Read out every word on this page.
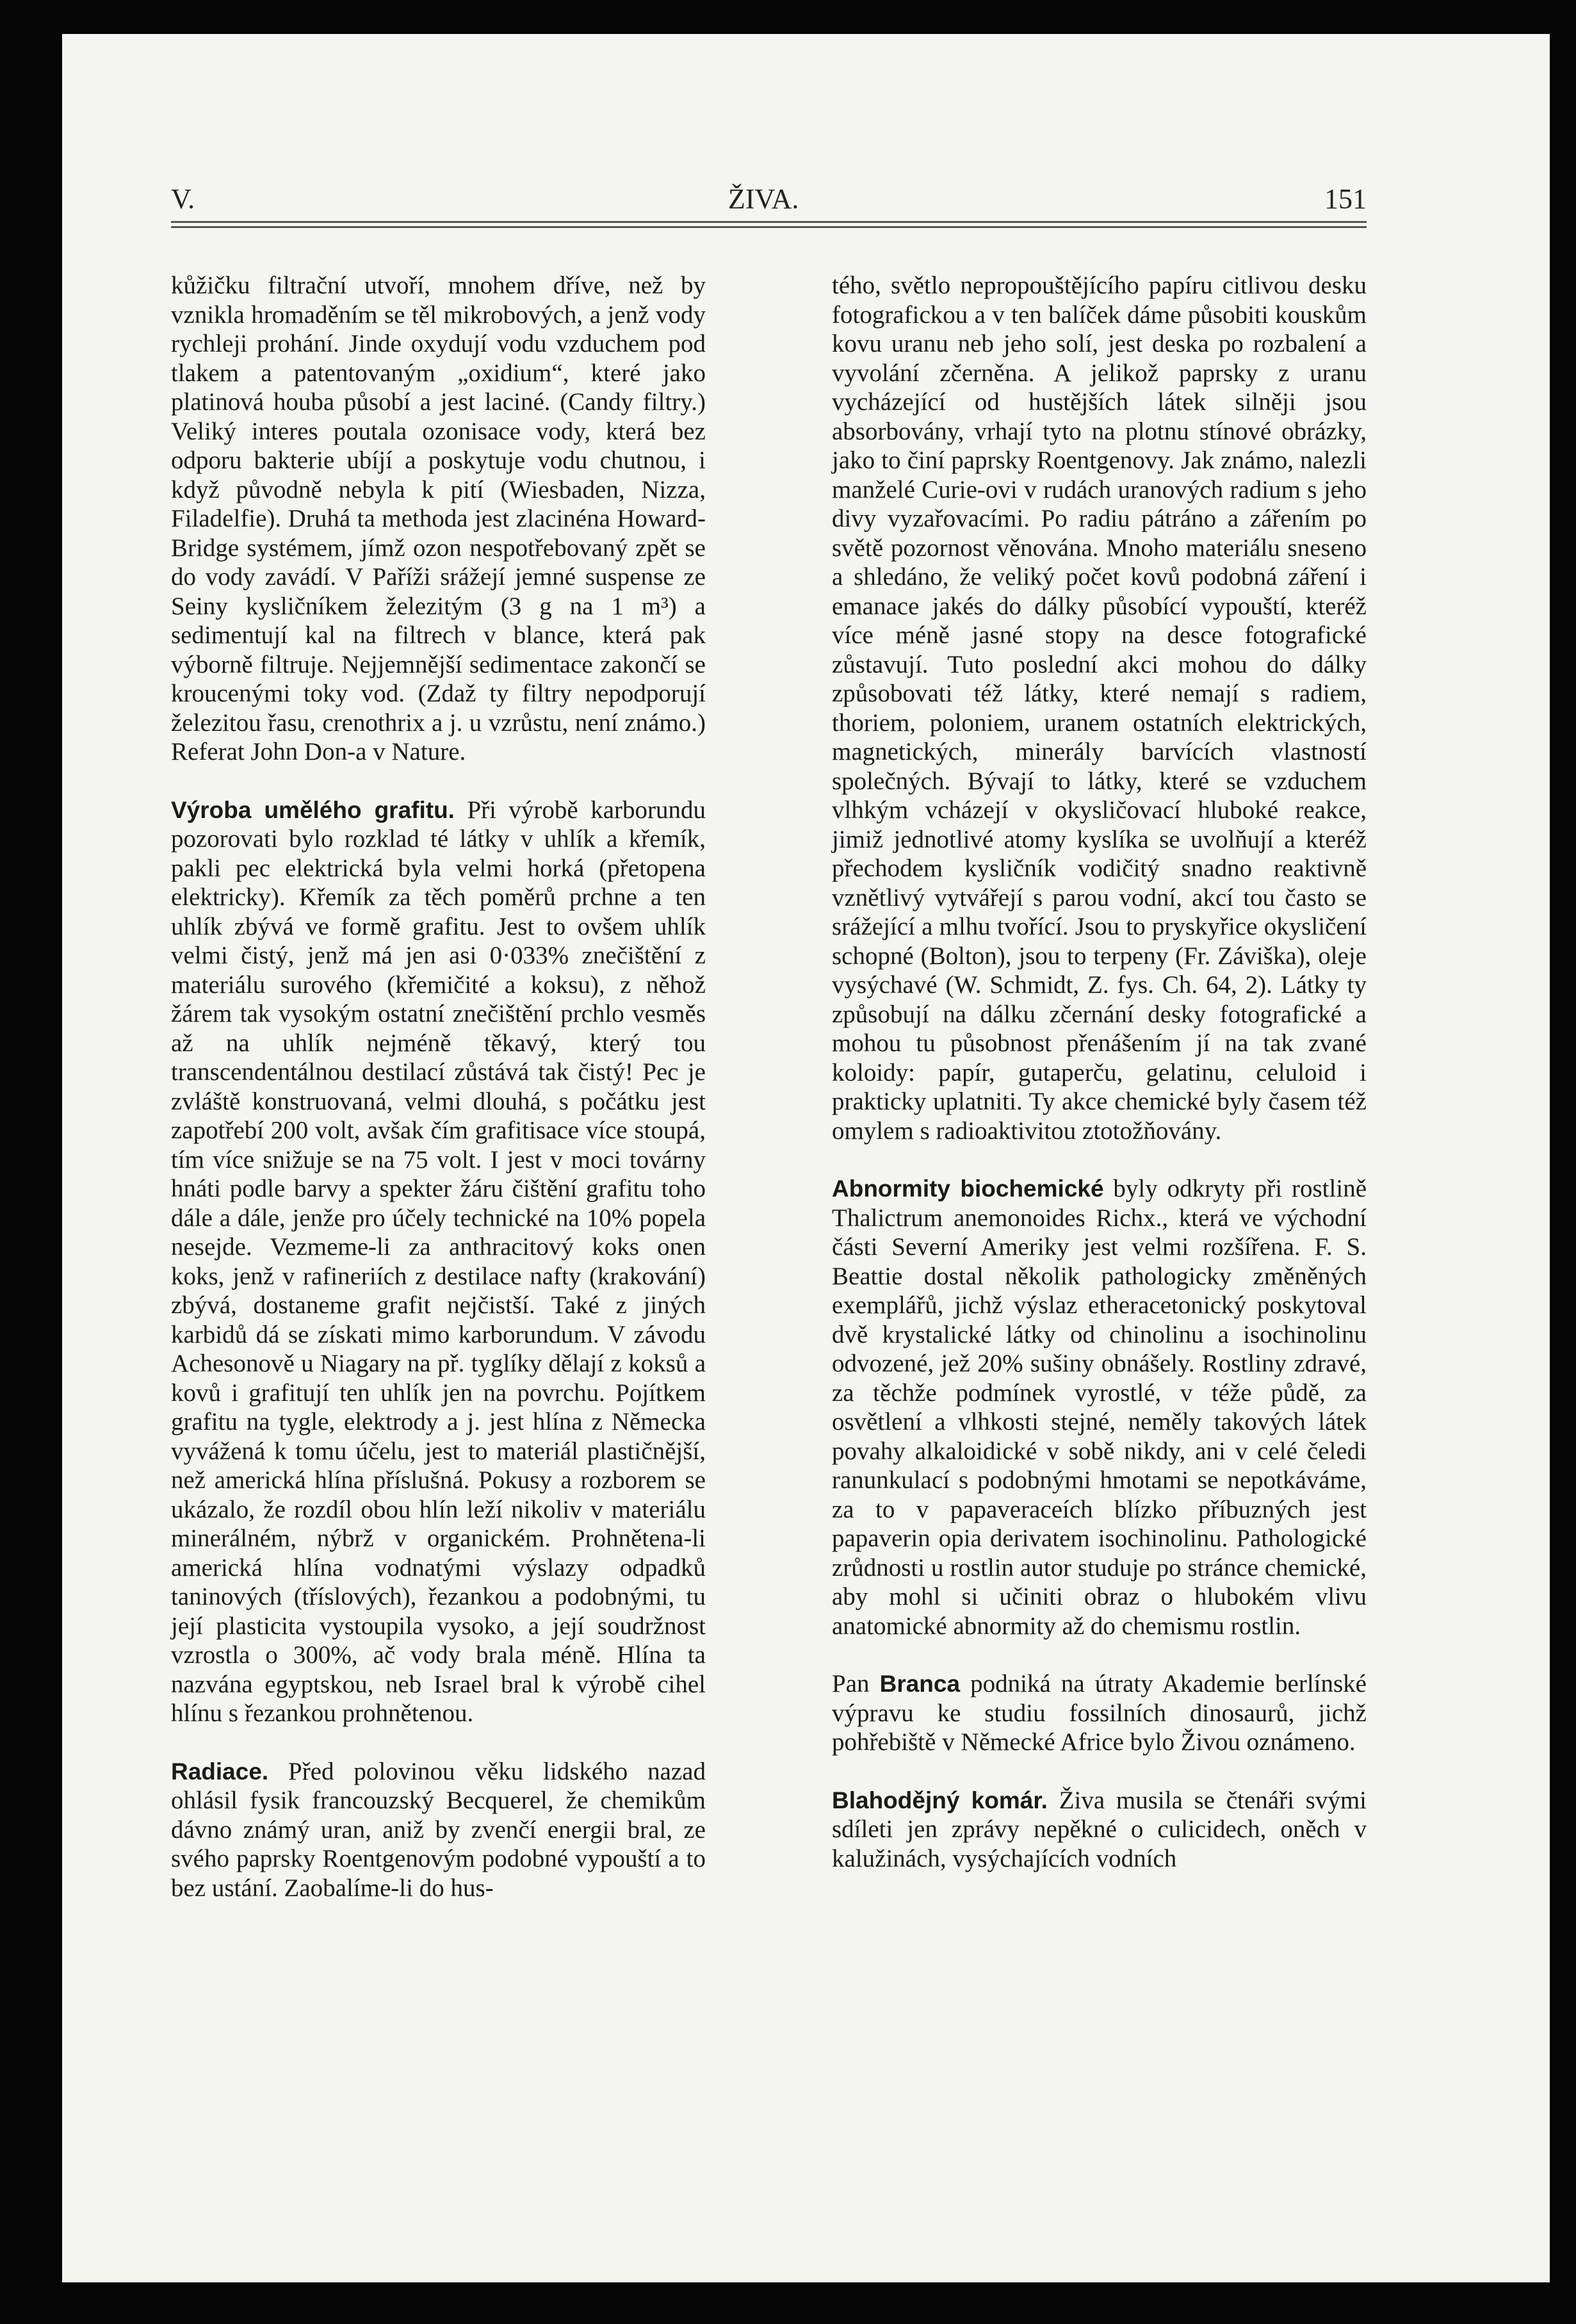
V.	ŽIVA.	151

kůžičku filtrační utvoří, mnohem dříve, než by vznikla hromaděním se těl mikrobových, a jenž vody rychleji prohání. Jinde oxydují vodu vzduchem pod tlakem a patentovaným „oxidium“, které jako platinová houba působí a jest laciné. (Candy filtry.) Veliký interes poutala ozonisace vody, která bez odporu bakterie ubíjí a poskytuje vodu chutnou, i když původně nebyla k pití (Wiesbaden, Nizza, Filadelfie). Druhá ta methoda jest zlacinéna Howard-Bridge systémem, jímž ozon nespotřebovaný zpět se do vody zavádí. V Paříži srážejí jemné suspense ze Seiny kysličníkem železitým (3 g na 1 m³) a sedimentují kal na filtrech v blance, která pak výborně filtruje. Nejjemnější sedimentace zakončí se kroucenými toky vod. (Zdaž ty filtry nepodporují železitou řasu, crenothrix a j. u vzrůstu, není známo.) Referat John Don-a v Nature.

Výroba umělého grafitu. Při výrobě karborundu pozorovati bylo rozklad té látky v uhlík a křemík, pakli pec elektrická byla velmi horká (přetopena elektricky). Křemík za těch poměrů prchne a ten uhlík zbývá ve formě grafitu. Jest to ovšem uhlík velmi čistý, jenž má jen asi 0·033% znečištění z materiálu surového (křemičité a koksu), z něhož žárem tak vysokým ostatní znečištění prchlo vesměs až na uhlík nejméně těkavý, který tou transcendentálnou destilací zůstává tak čistý! Pec je zvláště konstruovaná, velmi dlouhá, s počátku jest zapotřebí 200 volt, avšak čím grafitisace více stoupá, tím více snižuje se na 75 volt. I jest v moci továrny hnáti podle barvy a spekter žáru čištění grafitu toho dále a dále, jenže pro účely technické na 10% popela nesejde. Vezmeme-li za anthracitový koks onen koks, jenž v rafineriích z destilace nafty (krakování) zbývá, dostaneme grafit nejčistší. Také z jiných karbidů dá se získati mimo karborundum. V závodu Achesonově u Niagary na př. tyglíky dělají z koksů a kovů i grafitují ten uhlík jen na povrchu. Pojítkem grafitu na tygle, elektrody a j. jest hlína z Německa vyvážená k tomu účelu, jest to materiál plastičnější, než americká hlína příslušná. Pokusy a rozborem se ukázalo, že rozdíl obou hlín leží nikoliv v materiálu minerálném, nýbrž v organickém. Prohnětena-li americká hlína vodnatými výslazy odpadků taninových (tříslových), řezankou a podobnými, tu její plasticita vystoupila vysoko, a její soudržnost vzrostla o 300%, ač vody brala méně. Hlína ta nazvána egyptskou, neb Israel bral k výrobě cihel hlínu s řezankou prohnětenou.

Radiace. Před polovinou věku lidského nazad ohlásil fysik francouzský Becquerel, že chemikům dávno známý uran, aniž by zvenčí energii bral, ze svého paprsky Roentgenovým podobné vypouští a to bez ustání. Zaobalíme-li do hus-

tého, světlo nepropouštějícího papíru citlivou desku fotografickou a v ten balíček dáme působiti kouskům kovu uranu neb jeho solí, jest deska po rozbalení a vyvolání zčerněna. A jelikož paprsky z uranu vycházející od hustějších látek silněji jsou absorbovány, vrhají tyto na plotnu stínové obrázky, jako to činí paprsky Roentgenovy. Jak známo, nalezli manželé Curie-ovi v rudách uranových radium s jeho divy vyzařovacími. Po radiu pátráno a zářením po světě pozornost věnována. Mnoho materiálu sneseno a shledáno, že veliký počet kovů podobná záření i emanace jakés do dálky působící vypouští, kteréž více méně jasné stopy na desce fotografické zůstavují. Tuto poslední akci mohou do dálky způsobovati též látky, které nemají s radiem, thoriem, poloniem, uranem ostatních elektrických, magnetických, minerály barvících vlastností společných. Bývají to látky, které se vzduchem vlhkým vcházejí v okysličovací hluboké reakce, jimiž jednotlivé atomy kyslíka se uvolňují a kteréž přechodem kysličník vodičitý snadno reaktivně vznětlivý vytvářejí s parou vodní, akcí tou často se srážející a mlhu tvořící. Jsou to pryskyřice okysličení schopné (Bolton), jsou to terpeny (Fr. Záviška), oleje vysýchavé (W. Schmidt, Z. fys. Ch. 64, 2). Látky ty způsobují na dálku zčernání desky fotografické a mohou tu působnost přenášením jí na tak zvané koloidy: papír, gutaperču, gelatinu, celuloid i prakticky uplatniti. Ty akce chemické byly časem též omylem s radioaktivitou ztotožňovány.

Abnormity biochemické byly odkryty při rostlině Thalictrum anemonoides Richx., která ve východní části Severní Ameriky jest velmi rozšířena. F. S. Beattie dostal několik pathologicky změněných exemplářů, jichž výslaz etheracetonický poskytoval dvě krystalické látky od chinolinu a isochinolinu odvozené, jež 20% sušiny obnášely. Rostliny zdravé, za těchže podmínek vyrostlé, v téže půdě, za osvětlení a vlhkosti stejné, neměly takových látek povahy alkaloidické v sobě nikdy, ani v celé čeledi ranunkulací s podobnými hmotami se nepotkáváme, za to v papaveraceích blízko příbuzných jest papaverin opia derivatem isochinolinu. Pathologické zrůdnosti u rostlin autor studuje po stránce chemické, aby mohl si učiniti obraz o hlubokém vlivu anatomické abnormity až do chemismu rostlin.

Pan Branca podniká na útraty Akademie berlínské výpravu ke studiu fossilních dinosaurů, jichž pohřebiště v Německé Africe bylo Živou oznámeno.

Blahodějný komár. Živa musila se čtenáři svými sdíleti jen zprávy nepěkné o culicidech, oněch v kalužinách, vysýchajících vodních
